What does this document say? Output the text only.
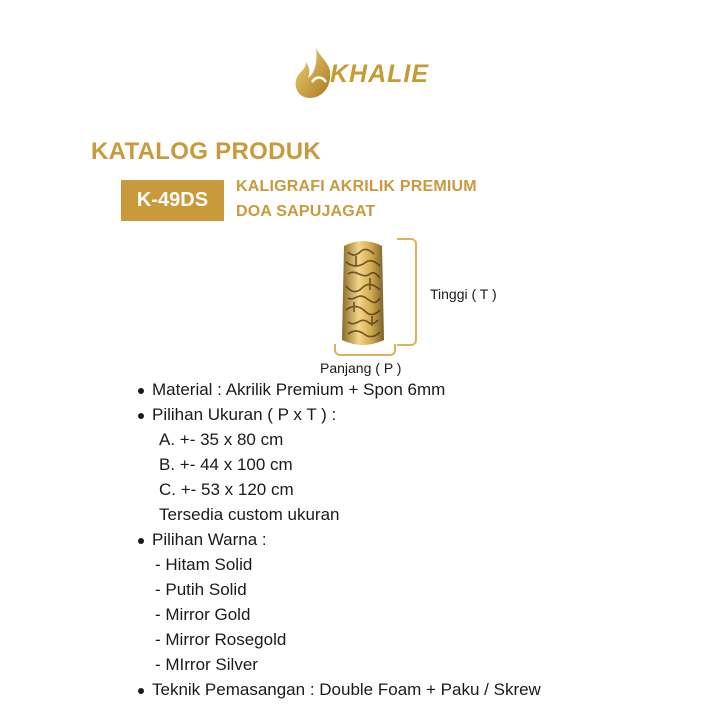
KHALIE
KATALOG PRODUK
K-49DS
KALIGRAFI AKRILIK PREMIUM
DOA SAPUJAGAT
Tinggi ( T )
Panjang ( P )
Material : Akrilik Premium + Spon 6mm
Pilihan Ukuran ( P x T ) :
A. +- 35 x 80 cm
B. +- 44 x 100 cm
C. +- 53 x 120 cm
Tersedia custom ukuran
Pilihan Warna :
- Hitam Solid
- Putih Solid
- Mirror Gold
- Mirror Rosegold
- MIrror Silver
Teknik Pemasangan : Double Foam + Paku / Skrew
